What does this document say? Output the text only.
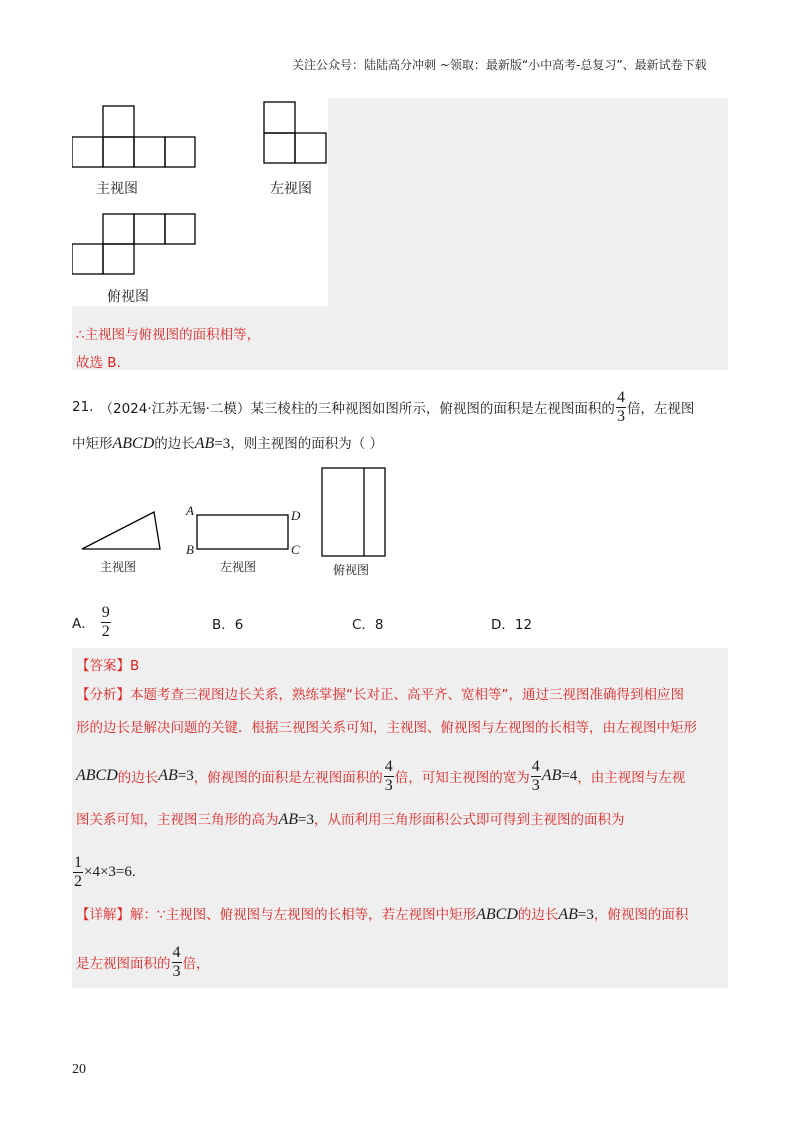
关注公众号：陆陆高分冲刺 ~领取：最新版“小中高考-总复习”、最新试卷下载
主视图	左视图
俯视图
∴主视图与俯视图的面积相等，
故选 B.
21. （2024·江苏无锡·二模） 某三棱柱的三种视图如图所示，俯视图的面积是左视图面积的 $\frac{4}{3}$ 倍，左视图
中矩形ABCD的边长AB=3，则主视图的面积为（ ）
A
B
D
C
主视图	左视图	俯视图
A． $\frac{9}{2}$	B．6	C．8	D．12
【答案】B
【分析】本题考查三视图边长关系，熟练掌握“长对正、高平齐、宽相等”，通过三视图准确得到相应图
形的边长是解决问题的关键．根据三视图关系可知，主视图、俯视图与左视图的长相等，由左视图中矩形
ABCD 的边长 AB =3 ，俯视图的面积是左视图面积的 $\frac{4}{3}$ 倍，可知主视图的宽为 $\frac{4}{3}$ AB =4 ，由主视图与左视
图关系可知，主视图三角形的高为AB=3，从而利用三角形面积公式即可得到主视图的面积为
$\frac{1}{2} \times 4\times 3=6$.
【详解】解：∵主视图、俯视图与左视图的长相等，若左视图中矩形ABCD的边长AB=3，俯视图的面积
是左视图面积的 $\frac{4}{3}$ 倍，
20
